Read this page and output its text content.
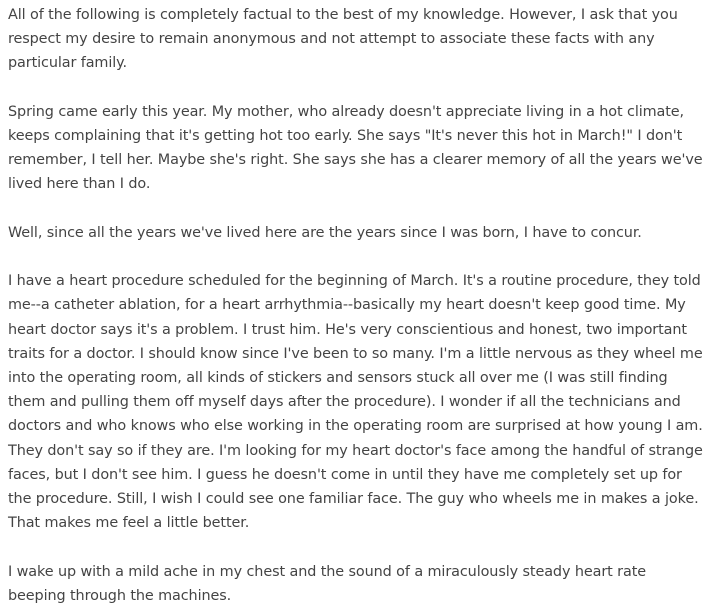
All of the following is completely factual to the best of my knowledge. However, I ask that you respect my desire to remain anonymous and not attempt to associate these facts with any particular family.

Spring came early this year. My mother, who already doesn't appreciate living in a hot climate, keeps complaining that it's getting hot too early. She says "It's never this hot in March!" I don't remember, I tell her. Maybe she's right. She says she has a clearer memory of all the years we've lived here than I do.

Well, since all the years we've lived here are the years since I was born, I have to concur.

I have a heart procedure scheduled for the beginning of March. It's a routine procedure, they told me--a catheter ablation, for a heart arrhythmia--basically my heart doesn't keep good time. My heart doctor says it's a problem. I trust him. He's very conscientious and honest, two important traits for a doctor. I should know since I've been to so many. I'm a little nervous as they wheel me into the operating room, all kinds of stickers and sensors stuck all over me (I was still finding them and pulling them off myself days after the procedure). I wonder if all the technicians and doctors and who knows who else working in the operating room are surprised at how young I am. They don't say so if they are. I'm looking for my heart doctor's face among the handful of strange faces, but I don't see him. I guess he doesn't come in until they have me completely set up for the procedure. Still, I wish I could see one familiar face. The guy who wheels me in makes a joke. That makes me feel a little better.

I wake up with a mild ache in my chest and the sound of a miraculously steady heart rate beeping through the machines.
